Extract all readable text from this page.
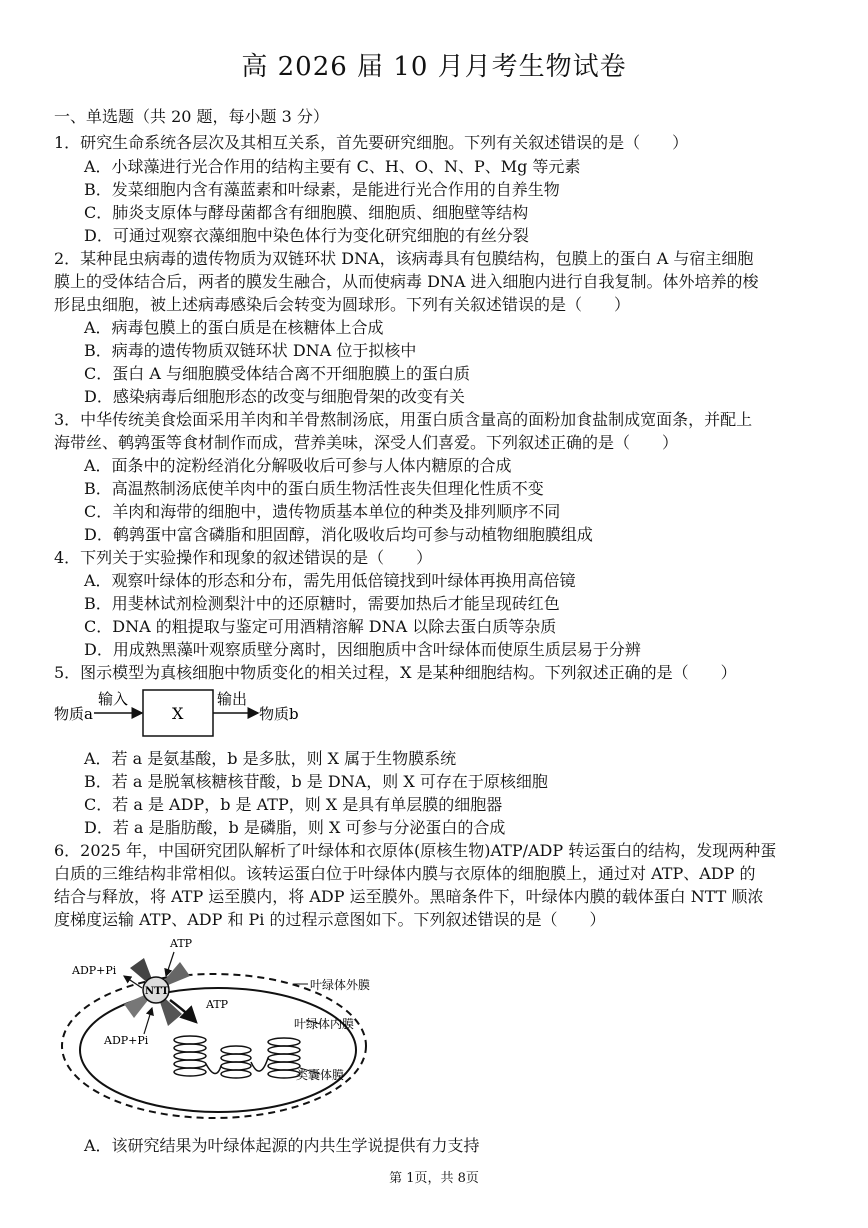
高 2026 届 10 月月考生物试卷
一、单选题（共 20 题，每小题 3 分）
1．研究生命系统各层次及其相互关系，首先要研究细胞。下列有关叙述错误的是（　　）
A．小球藻进行光合作用的结构主要有 C、H、O、N、P、Mg 等元素
B．发菜细胞内含有藻蓝素和叶绿素，是能进行光合作用的自养生物
C．肺炎支原体与酵母菌都含有细胞膜、细胞质、细胞壁等结构
D．可通过观察衣藻细胞中染色体行为变化研究细胞的有丝分裂
2．某种昆虫病毒的遗传物质为双链环状 DNA，该病毒具有包膜结构，包膜上的蛋白 A 与宿主细胞
膜上的受体结合后，两者的膜发生融合，从而使病毒 DNA 进入细胞内进行自我复制。体外培养的梭
形昆虫细胞，被上述病毒感染后会转变为圆球形。下列有关叙述错误的是（　　）
A．病毒包膜上的蛋白质是在核糖体上合成
B．病毒的遗传物质双链环状 DNA 位于拟核中
C．蛋白 A 与细胞膜受体结合离不开细胞膜上的蛋白质
D．感染病毒后细胞形态的改变与细胞骨架的改变有关
3．中华传统美食烩面采用羊肉和羊骨熬制汤底，用蛋白质含量高的面粉加食盐制成宽面条，并配上
海带丝、鹌鹑蛋等食材制作而成，营养美味，深受人们喜爱。下列叙述正确的是（　　）
A．面条中的淀粉经消化分解吸收后可参与人体内糖原的合成
B．高温熬制汤底使羊肉中的蛋白质生物活性丧失但理化性质不变
C．羊肉和海带的细胞中，遗传物质基本单位的种类及排列顺序不同
D．鹌鹑蛋中富含磷脂和胆固醇，消化吸收后均可参与动植物细胞膜组成
4．下列关于实验操作和现象的叙述错误的是（　　）
A．观察叶绿体的形态和分布，需先用低倍镜找到叶绿体再换用高倍镜
B．用斐林试剂检测梨汁中的还原糖时，需要加热后才能呈现砖红色
C．DNA 的粗提取与鉴定可用酒精溶解 DNA 以除去蛋白质等杂质
D．用成熟黑藻叶观察质壁分离时，因细胞质中含叶绿体而使原生质层易于分辨
5．图示模型为真核细胞中物质变化的相关过程，X 是某种细胞结构。下列叙述正确的是（　　）
输入	输出
X
物质a	物质b
A．若 a 是氨基酸，b 是多肽，则 X 属于生物膜系统
B．若 a 是脱氧核糖核苷酸，b 是 DNA，则 X 可存在于原核细胞
C．若 a 是 ADP，b 是 ATP，则 X 是具有单层膜的细胞器
D．若 a 是脂肪酸，b 是磷脂，则 X 可参与分泌蛋白的合成
6．2025 年，中国研究团队解析了叶绿体和衣原体(原核生物)ATP/ADP 转运蛋白的结构，发现两种蛋
白质的三维结构非常相似。该转运蛋白位于叶绿体内膜与衣原体的细胞膜上，通过对 ATP、ADP 的
结合与释放，将 ATP 运至膜内，将 ADP 运至膜外。黑暗条件下，叶绿体内膜的载体蛋白 NTT 顺浓
度梯度运输 ATP、ADP 和 Pi 的过程示意图如下。下列叙述错误的是（　　）
NTT
ATP
ADP+Pi
ATP
ADP+Pi
叶绿体外膜
叶绿体内膜
类囊体膜
A．该研究结果为叶绿体起源的内共生学说提供有力支持
第 1页，共 8页
